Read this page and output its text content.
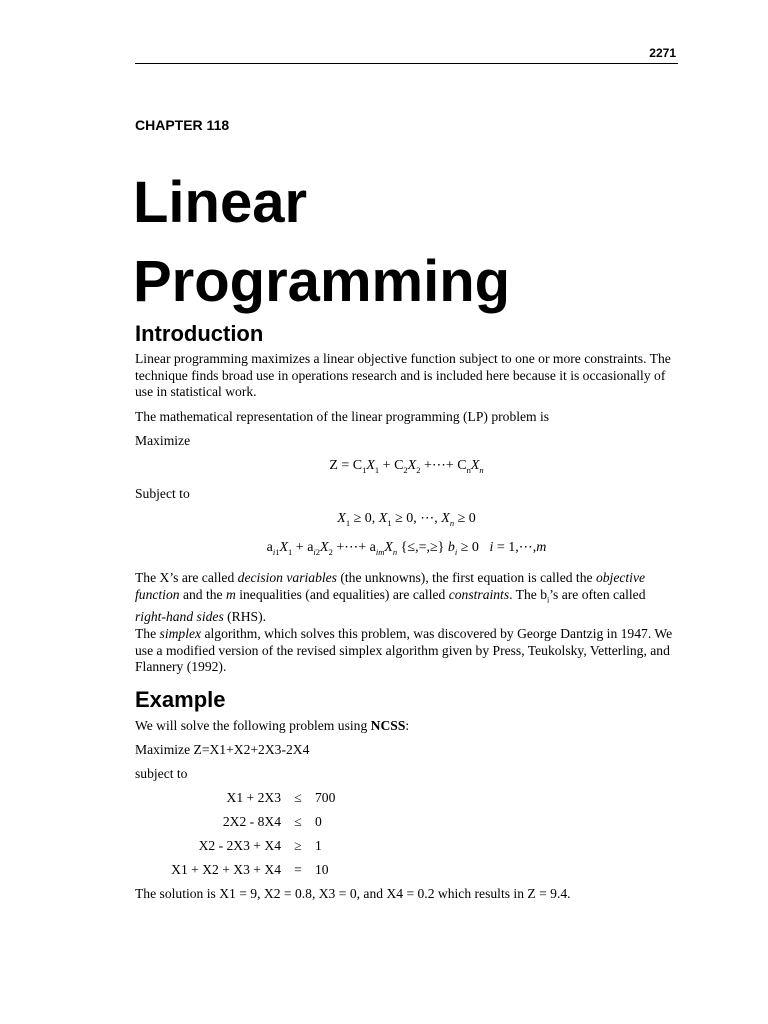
2271
CHAPTER 118
Linear
Programming
Introduction

Linear programming maximizes a linear objective function subject to one or more constraints. The technique finds broad use in operations research and is included here because it is occasionally of use in statistical work.

The mathematical representation of the linear programming (LP) problem is

Maximize

$Z = C_1X_1 + C_2X_2$ +⋯+ $C_nX_n$

Subject to

$X_1 \ge 0$, $X_1 \ge 0$, ⋯, $X_n \ge 0$
$a_{i1}X_1 + a_{i2}X_2$ +⋯+ $a_{im}X_n$ {≤,=,≥} $b_i \ge 0$   i = 1,⋯,m

The X’s are called decision variables (the unknowns), the first equation is called the objective function and the m inequalities (and equalities) are called constraints. The $b_i’s$ are often called right-hand sides (RHS).

The simplex algorithm, which solves this problem, was discovered by George Dantzig in 1947. We use a modified version of the revised simplex algorithm given by Press, Teukolsky, Vetterling, and Flannery (1992).

Example

We will solve the following problem using NCSS:

Maximize Z=X1+X2+2X3-2X4

subject to

X1 + 2X3 ≤ 700
2X2 - 8X4 ≤ 0
X2 - 2X3 + X4 ≥ 1
X1 + X2 + X3 + X4 = 10

The solution is X1 = 9, X2 = 0.8, X3 = 0, and X4 = 0.2 which results in Z = 9.4.
